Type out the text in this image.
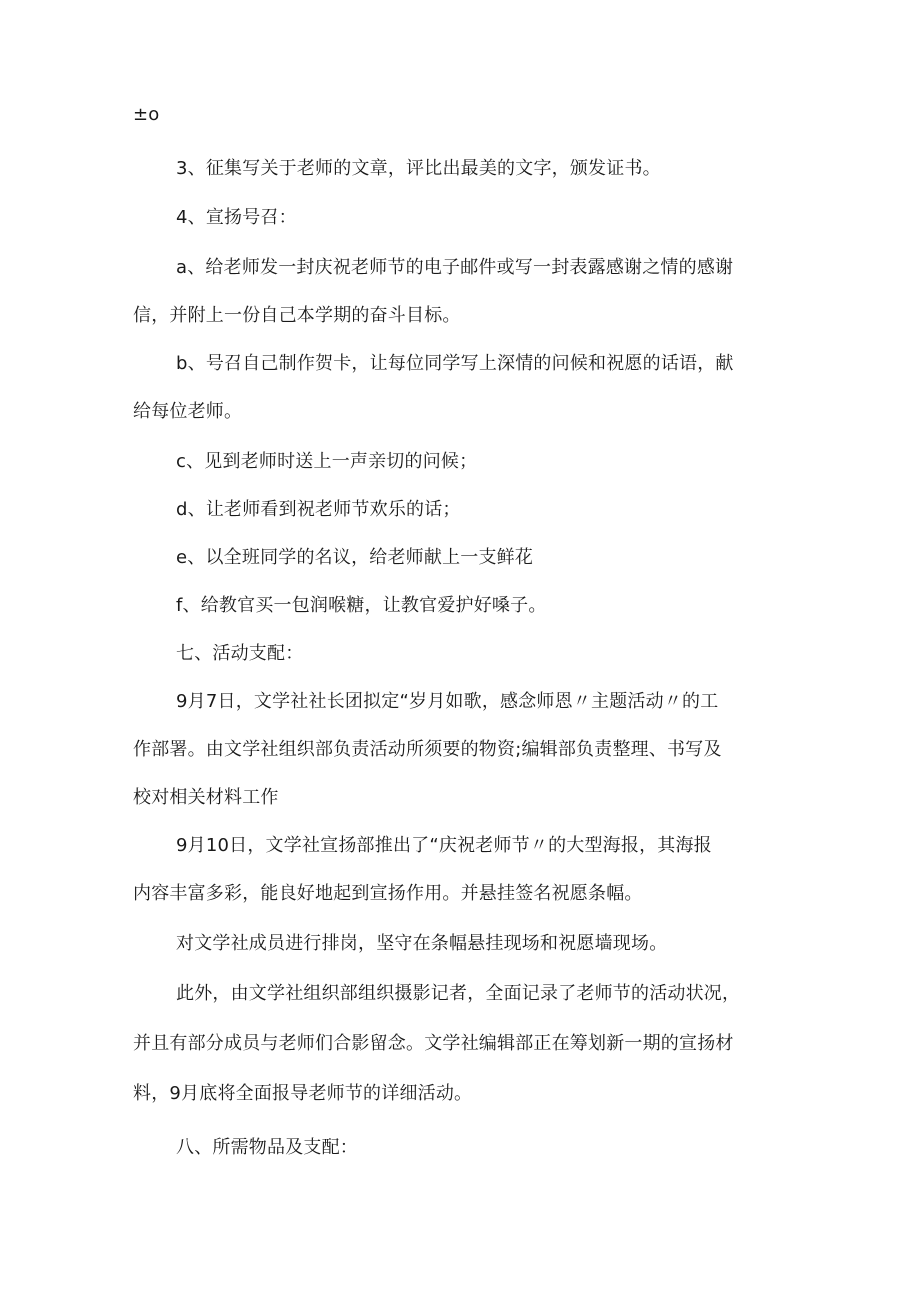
±o
3、征集写关于老师的文章，评比出最美的文字，颁发证书。
4、宣扬号召：
a、给老师发一封庆祝老师节的电子邮件或写一封表露感谢之情的感谢
信，并附上一份自己本学期的奋斗目标。
b、号召自己制作贺卡，让每位同学写上深情的问候和祝愿的话语，献
给每位老师。
c、见到老师时送上一声亲切的问候；
d、让老师看到祝老师节欢乐的话；
e、以全班同学的名议，给老师献上一支鲜花
f、给教官买一包润喉糖，让教官爱护好嗓子。
七、活动支配：
9月7日，文学社社长团拟定“岁月如歌，感念师恩〃主题活动〃的工
作部署。由文学社组织部负责活动所须要的物资;编辑部负责整理、书写及
校对相关材料工作
9月10日，文学社宣扬部推出了“庆祝老师节〃的大型海报，其海报
内容丰富多彩，能良好地起到宣扬作用。并悬挂签名祝愿条幅。
对文学社成员进行排岗，坚守在条幅悬挂现场和祝愿墙现场。
此外，由文学社组织部组织摄影记者，全面记录了老师节的活动状况，
并且有部分成员与老师们合影留念。文学社编辑部正在筹划新一期的宣扬材
料，9月底将全面报导老师节的详细活动。
八、所需物品及支配：
